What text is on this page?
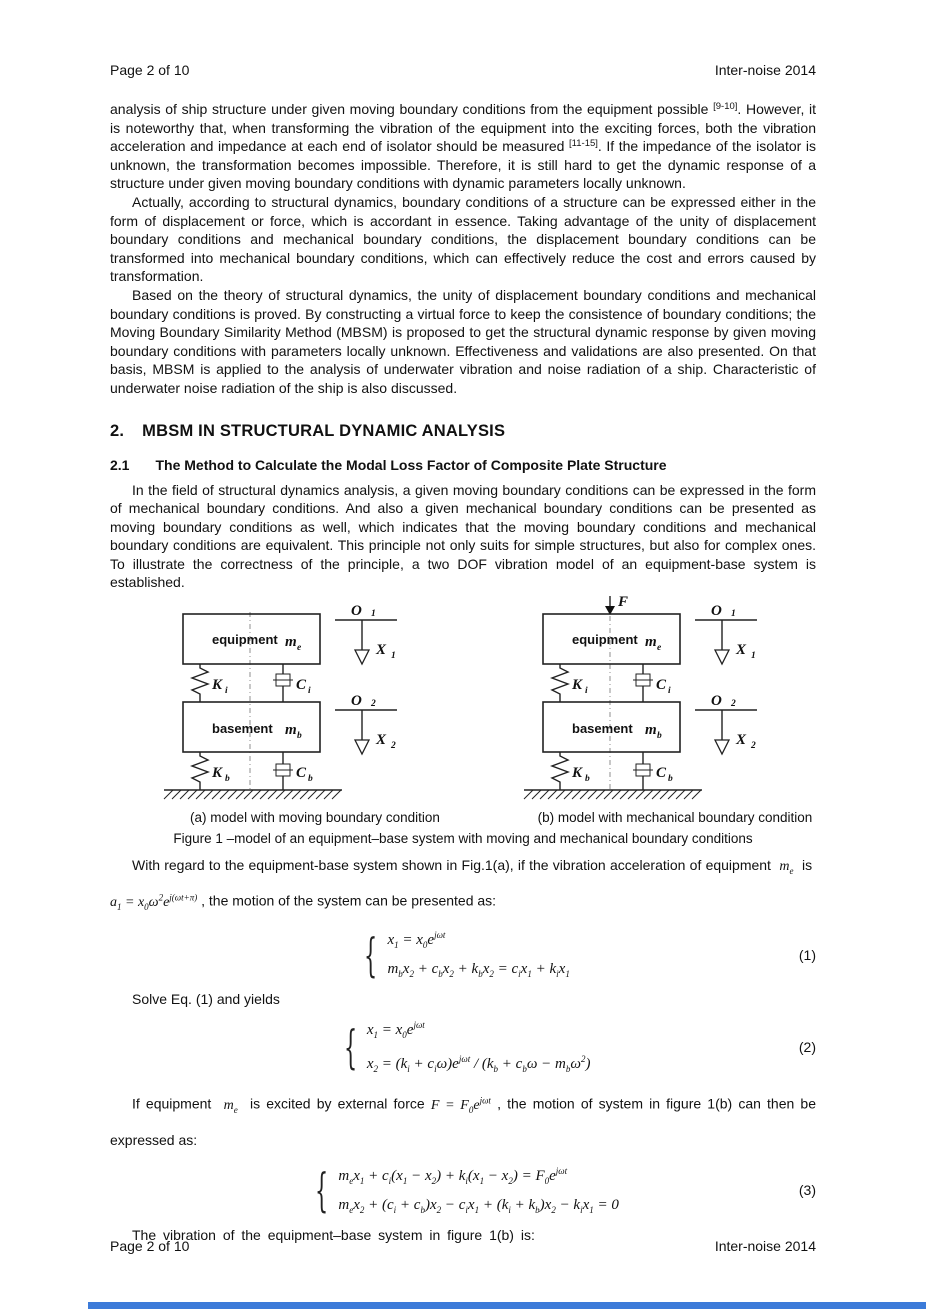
Page 2 of 10	Inter-noise 2014

analysis of ship structure under given moving boundary conditions from the equipment possible [9-10]. However, it is noteworthy that, when transforming the vibration of the equipment into the exciting forces, both the vibration acceleration and impedance at each end of isolator should be measured [11-15]. If the impedance of the isolator is unknown, the transformation becomes impossible. Therefore, it is still hard to get the dynamic response of a structure under given moving boundary conditions with dynamic parameters locally unknown.

Actually, according to structural dynamics, boundary conditions of a structure can be expressed either in the form of displacement or force, which is accordant in essence. Taking advantage of the unity of displacement boundary conditions and mechanical boundary conditions, the displacement boundary conditions can be transformed into mechanical boundary conditions, which can effectively reduce the cost and errors caused by transformation.

Based on the theory of structural dynamics, the unity of displacement boundary conditions and mechanical boundary conditions is proved. By constructing a virtual force to keep the consistence of boundary conditions; the Moving Boundary Similarity Method (MBSM) is proposed to get the structural dynamic response by given moving boundary conditions with parameters locally unknown. Effectiveness and validations are also presented. On that basis, MBSM is applied to the analysis of underwater vibration and noise radiation of a ship. Characteristic of underwater noise radiation of the ship is also discussed.

2. MBSM IN STRUCTURAL DYNAMIC ANALYSIS
2.1 The Method to Calculate the Modal Loss Factor of Composite Plate Structure

In the field of structural dynamics analysis, a given moving boundary conditions can be expressed in the form of mechanical boundary conditions. And also a given mechanical boundary conditions can be presented as moving boundary conditions as well, which indicates that the moving boundary conditions and mechanical boundary conditions are equivalent. This principle not only suits for simple structures, but also for complex ones. To illustrate the correctness of the principle, a two DOF vibration model of an equipment-base system is established.

equipment m e
K i	C i
basement m b
K b	C b
O 1
X 1
O 2
X 2
F
equipment m e
K i	C i
basement m b
K b	C b
O 1
X 1
O 2
X 2
(a) model with moving boundary condition	(b) model with mechanical boundary condition
Figure 1 –model of an equipment–base system with moving and mechanical boundary conditions

With regard to the equipment-base system shown in Fig.1(a), if the vibration acceleration of equipment  $m_e$  is  $a_1 = x_0\omega^2e^{j(\omega t+\pi)}$ , the motion of the system can be presented as:

{ $x_1 = x_0e^{j\omega t}$
$m_bx_2 + c_bx_2 + k_bx_2 = c_ix_1 + k_ix_1$
(1)

Solve Eq. (1) and yields

{ $x_1 = x_0e^{j\omega t}$
$x_2 = (k_i + c_i\omega)e^{j\omega t} / (k_b + c_b\omega - m_b\omega^2)$
(2)

If equipment  $m_e$  is excited by external force $F = F_0e^{j\omega t}$ , the motion of system in figure 1(b) can then be expressed as:

{ $m_ex_1 + c_i(x_1 - x_2) + k_i(x_1 - x_2) = F_0e^{j\omega t}$
$m_ex_2 + (c_i + c_b)x_2 - c_ix_1 + (k_i + k_b)x_2 - k_ix_1 = 0$
(3)

The vibration of the equipment–base system in figure 1(b) is:

Page 2 of 10	Inter-noise 2014
